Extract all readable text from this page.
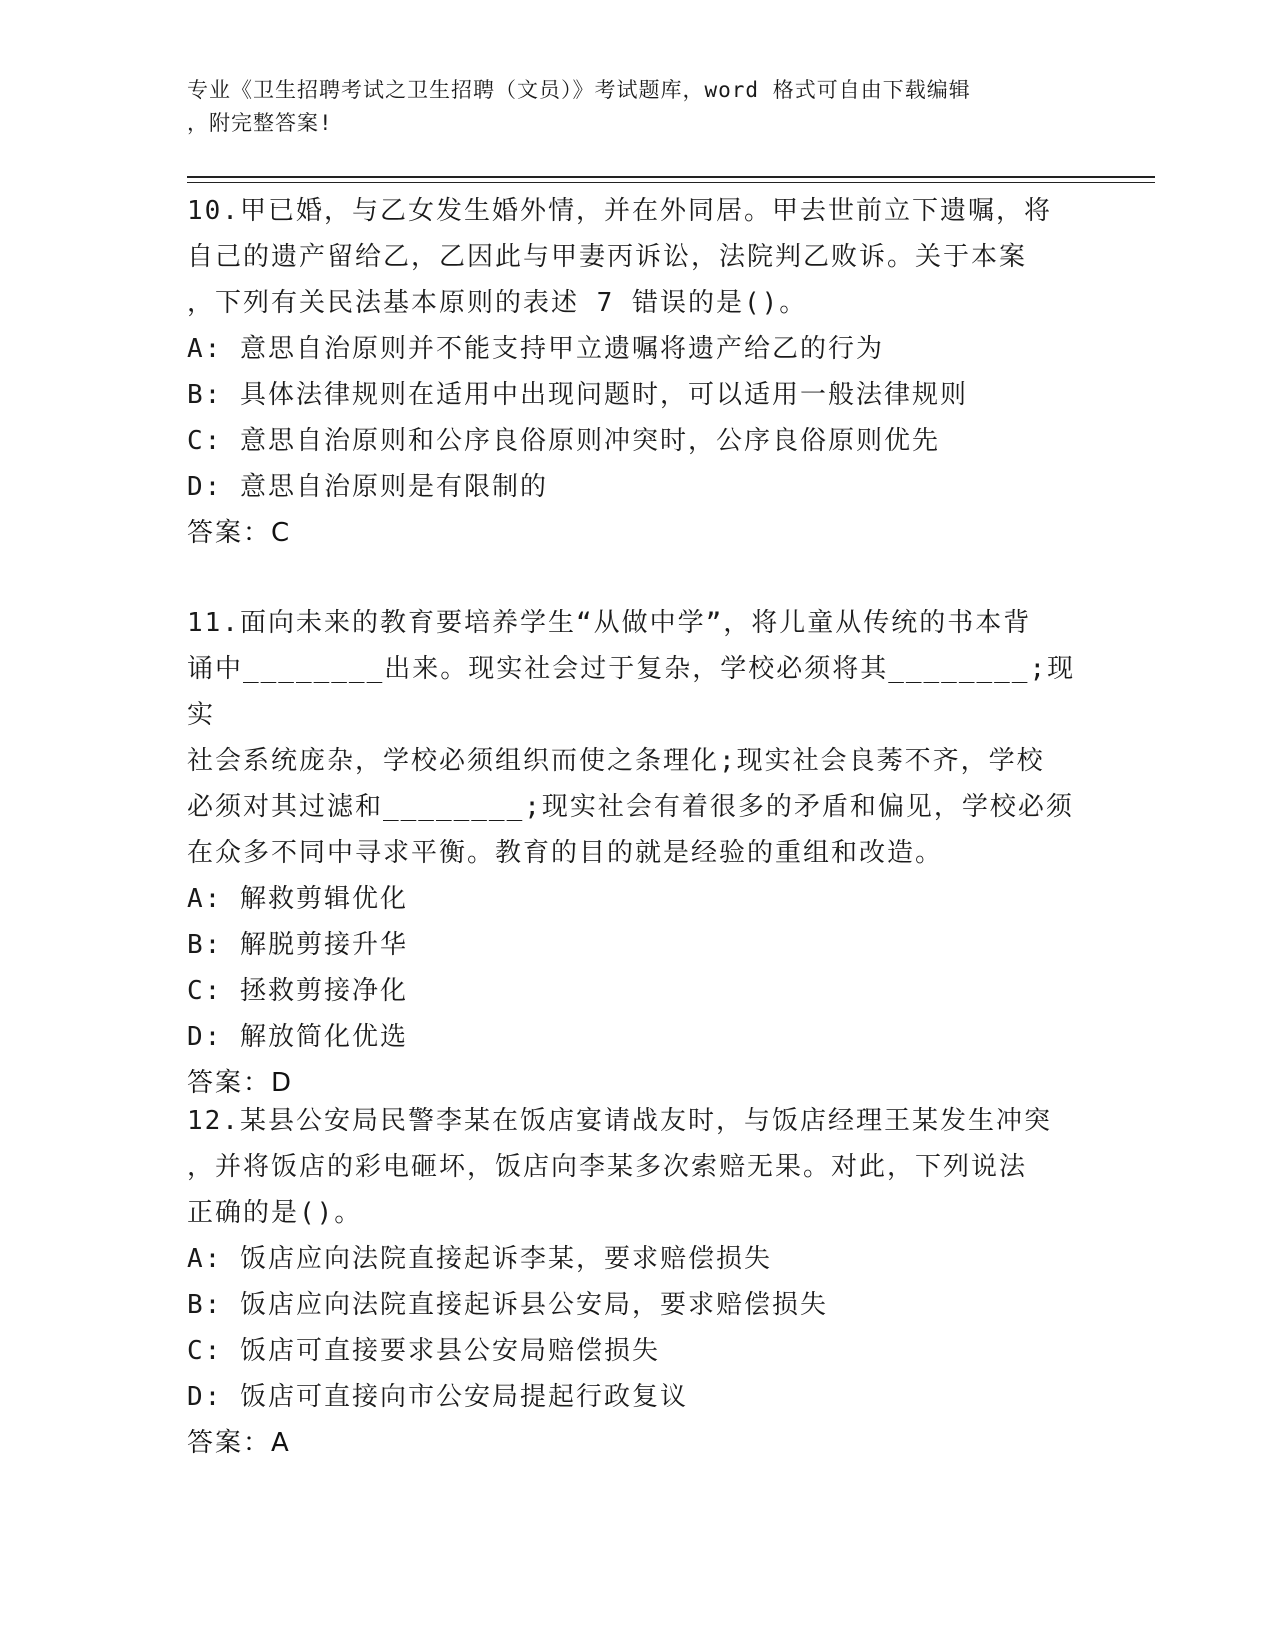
专业《卫生招聘考试之卫生招聘（文员）》考试题库，word 格式可自由下载编辑
，附完整答案!

10.甲已婚，与乙女发生婚外情，并在外同居。甲去世前立下遗嘱，将

自己的遗产留给乙，乙因此与甲妻丙诉讼，法院判乙败诉。关于本案

，下列有关民法基本原则的表述 7 错误的是()。

A: 意思自治原则并不能支持甲立遗嘱将遗产给乙的行为

B: 具体法律规则在适用中出现问题时，可以适用一般法律规则

C: 意思自治原则和公序良俗原则冲突时，公序良俗原则优先

D: 意思自治原则是有限制的

答案：C

11.面向未来的教育要培养学生“从做中学”，将儿童从传统的书本背

诵中________出来。现实社会过于复杂，学校必须将其________;现实

社会系统庞杂，学校必须组织而使之条理化;现实社会良莠不齐，学校

必须对其过滤和________;现实社会有着很多的矛盾和偏见，学校必须

在众多不同中寻求平衡。教育的目的就是经验的重组和改造。

A: 解救剪辑优化

B: 解脱剪接升华

C: 拯救剪接净化

D: 解放简化优选

答案：D

12.某县公安局民警李某在饭店宴请战友时，与饭店经理王某发生冲突

，并将饭店的彩电砸坏，饭店向李某多次索赔无果。对此，下列说法

正确的是()。

A: 饭店应向法院直接起诉李某，要求赔偿损失

B: 饭店应向法院直接起诉县公安局，要求赔偿损失

C: 饭店可直接要求县公安局赔偿损失

D: 饭店可直接向市公安局提起行政复议

答案：A
